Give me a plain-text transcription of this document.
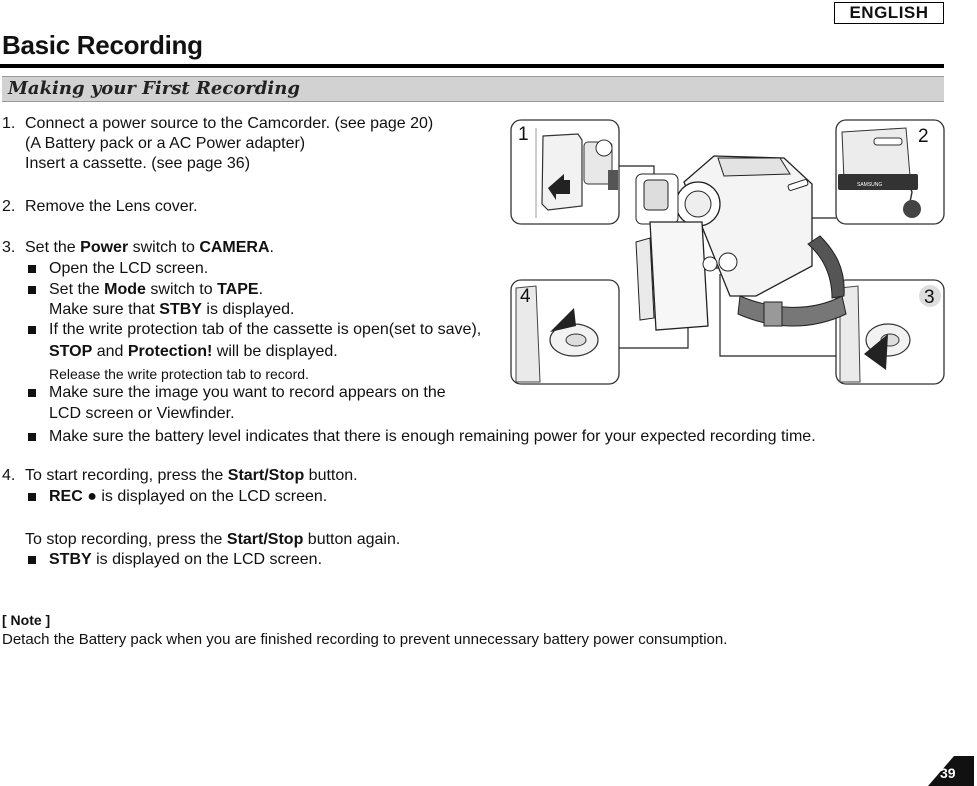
ENGLISH
Basic Recording
Making your First Recording
1. Connect a power source to the Camcorder. (see page 20)
(A Battery pack or a AC Power adapter)
Insert a cassette. (see page 36)
2. Remove the Lens cover.
3. Set the Power switch to CAMERA.
Open the LCD screen.
Set the Mode switch to TAPE.
Make sure that STBY is displayed.
If the write protection tab of the cassette is open(set to save),
STOP and Protection! will be displayed.
Release the write protection tab to record.
Make sure the image you want to record appears on the
LCD screen or Viewfinder.
Make sure the battery level indicates that there is enough remaining power for your expected recording time.
4. To start recording, press the Start/Stop button.
REC ● is displayed on the LCD screen.
To stop recording, press the Start/Stop button again.
STBY is displayed on the LCD screen.
[ Note ]
Detach the Battery pack when you are finished recording to prevent unnecessary battery power consumption.
1
SAMSUNG
2
4	3
39
